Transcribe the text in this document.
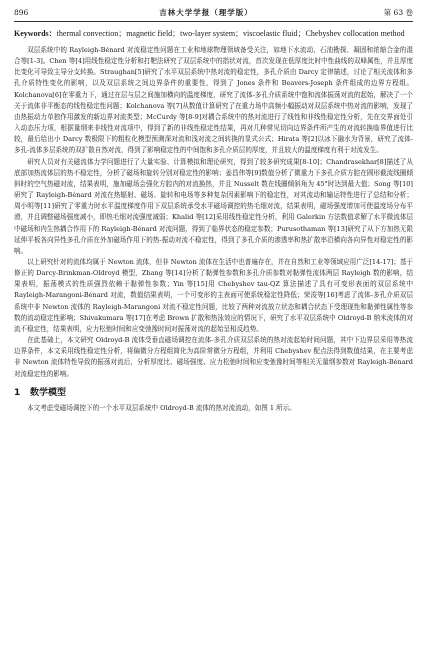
896	吉林大学学报（理学版）	第 63 卷
Keywords：thermal convection；magnetic field；two-layer system；viscoelastic fluid；Chebyshev collocation method

双层系统中的 Rayleigh-Bénard 对流稳定性问题在工业和地球物理领域备受关注，如地下水流动、石油勘探、凝固和浓缩合金的混合等[1-3]。Chen 等[4]用线性稳定性分析和打靶法研究了双层系统中的指状对流，首次发现在低厚度比时中性曲线的双峰属性，并且厚度比变化可导致主导分支转换。Straughan[5]研究了水平双层系统中热对流的稳定性，多孔介质由 Darcy 定律描述，讨论了相关流体和多孔介质特性变化的影响，以及双层系统之间边界条件的重要性，得到了 Jones 条件和 Beavers-Joseph 条件组成的边界方程组。Kolchanova[6]在零重力下，通过在层与层之间施加横向的温度梯度，研究了流体-多孔介质系统中饱和流体振荡对流的起始，解决了一个关于流体非平衡态的线性稳定性问题；Kolchanova 等[7]从数值计算研究了在重力场中高频小幅振动对双层系统中热对流的影响，发现了由热振动力单独作用激发的新边界对流类型；McCurdy 等[8-9]对耦合系统中的热对流进行了线性和非线性稳定性分析，先在交界面处引入动态压力项，根据量纲来非线性对流项中，得到了新的非线性稳定性结果，再对几种常见切向边界条件所产生的对流转换临界值进行比较，最后给出小 Darcy 数极限下的粗粒化模型预测深对流和浅对流之间转换的显式公式；Hirata 等[2]以冰下融水为背景，研究了流体-多孔-流体多层系统的双扩散自然对流，得到了影响稳定性的中间饱和多孔介质层的厚度，并且较大的温度梯度有利于对流发生。

研究人员对有关磁流体力学问题进行了大量实验、计算模拟和理论研究，得到了较多研究成果[8-10]；Chandrasekhar[8]描述了从底部加热流体层的热不稳定性，分析了磁场和旋转分别对稳定性的影响；姜昌伟等[9]数值分析了微重力下多孔介质方腔在圆形截流线圈倾斜时的空气热磁对流，结果表明，施加磁场会强化方腔内的对流换热，并且 Nusselt 数在线圈倾斜角为 45°时达到最大值；Song 等[10]研究了 Rayleigh-Bénard 对流在热辐射、磁场、旋转和电场等多种复杂因素影响下的稳定性，对其流动和输运特性进行了总结和分析；周小明等[11]研究了零重力时水平温度梯度作用下双层系统承受水平磁场调控的热毛细对流，结果表明，磁场强度增加可使温度场分布平滑，并且调整磁场强度减小，即热毛细对流强度减弱；Khalid 等[12]采用线性稳定性分析，利用 Galerkin 方法数值求解了水平微流体层中磁场和内生热耦合作用下的 Rayleigh-Bénard 对流问题，得到了临界状态的稳定参数；Purusothaman 等[13]研究了从下方加热无限延伸平板各向异性多孔介质在外加磁场作用下的热-振动对流不稳定性，得到了多孔介质的渗透率和热扩散率沿横向各向异性对稳定性的影响。

以上研究针对的流体均属于 Newton 流体，但非 Newton 流体在生活中也普遍存在，并在自然和工业等领域应用广泛[14-17]；基于修正的 Darcy-Brinkman-Oldroyd 模型，Zhang 等[14]分析了黏弹性参数和多孔介质参数对黏弹性流体两层 Rayleigh 数的影响，结果表明，振荡模式的性质强烈依赖于黏弹性参数；Yin 等[15]用 Chebyshev tau-QZ 算法描述了具有可变形表面的双层系统中 Rayleigh-Marangoni-Bénard 对流，数值结果表明，一个可变形的主表面可使系统稳定性降低；荣浚等[16]考虑了流体-多孔介质双层系统中非 Newton 流体的 Rayleigh-Marangoni 对流不稳定性问题，比较了两种对流放立状态和耦合状态下受理现性和黏弹性属性等参数的流动稳定性影响；Shivakumara 等[17]在考虑 Brown 扩散和热泳效应的情况下，研究了水平双层系统中 Oldroyd-B 纳米流体的对流不稳定性，结果表明，应力松弛时间和应变弛豫时间对振荡对流的起始呈相反趋势。

在此基础上，本文研究 Oldroyd-B 流体受垂直磁场调控在流体-多孔介质双层系统的热对流起始时间问题，其中下边界层采用等热流边界条件，本文采用线性稳定性分析，将偏微分方程组简化为高阶常微分方程组，并利用 Chebyshev 配点法得到数值结果，在主要考虑非 Newton 流体特性导致的振荡对流后，分析厚度比、磁场强度、应力松弛时间和应变弛豫时间等相关无量纲参数对 Rayleigh-Bénard 对流稳定性的影响。

1 数学模型

本文考虑受磁场调控下的一个水平双层系统中 Oldroyd-B 流体的热对流流动，如图 1 所示。
